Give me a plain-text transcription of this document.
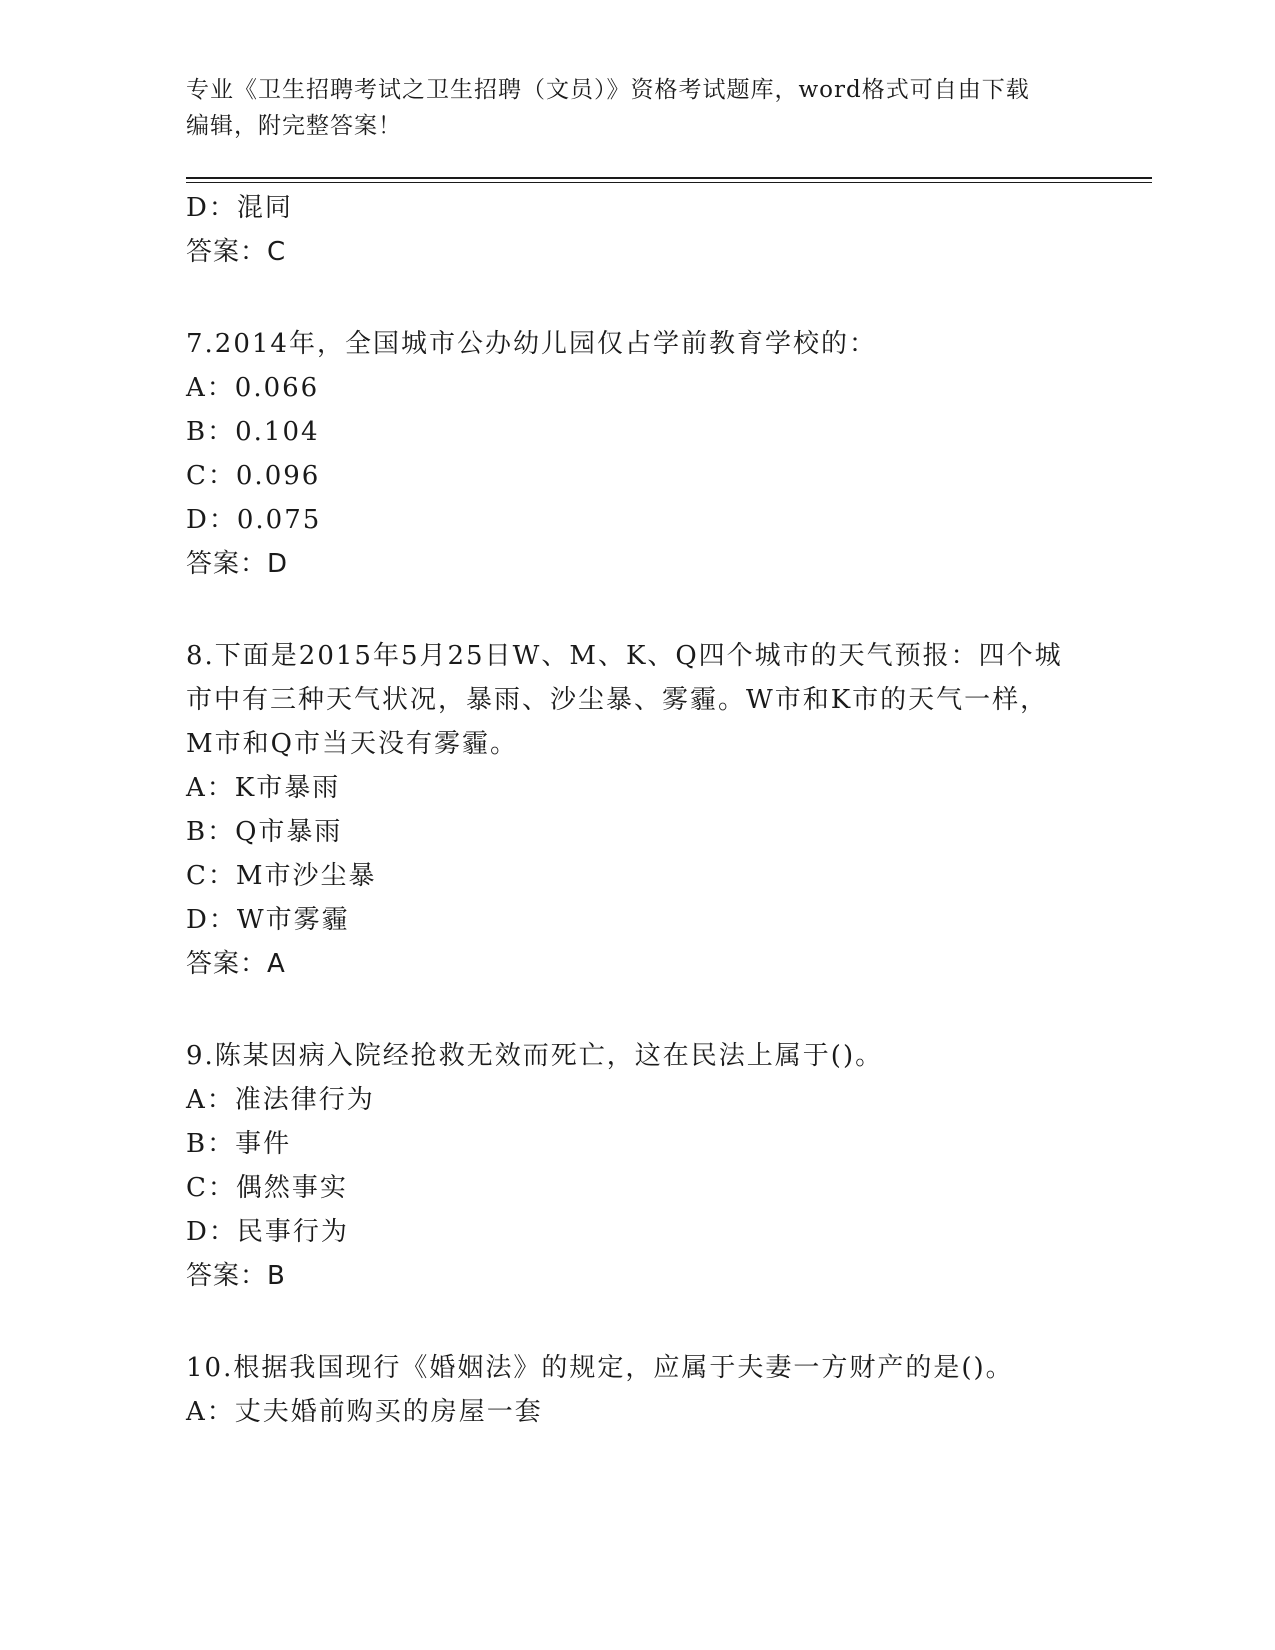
专业《卫生招聘考试之卫生招聘（文员）》资格考试题库，word格式可自由下载
编辑，附完整答案！
D：混同
答案：C
7.2014年，全国城市公办幼儿园仅占学前教育学校的：
A：0.066
B：0.104
C：0.096
D：0.075
答案：D
8.下面是2015年5月25日W、M、K、Q四个城市的天气预报：四个城
市中有三种天气状况，暴雨、沙尘暴、雾霾。W市和K市的天气一样，
M市和Q市当天没有雾霾。
A：K市暴雨
B：Q市暴雨
C：M市沙尘暴
D：W市雾霾
答案：A
9.陈某因病入院经抢救无效而死亡，这在民法上属于()。
A：准法律行为
B：事件
C：偶然事实
D：民事行为
答案：B
10.根据我国现行《婚姻法》的规定，应属于夫妻一方财产的是()。
A：丈夫婚前购买的房屋一套
